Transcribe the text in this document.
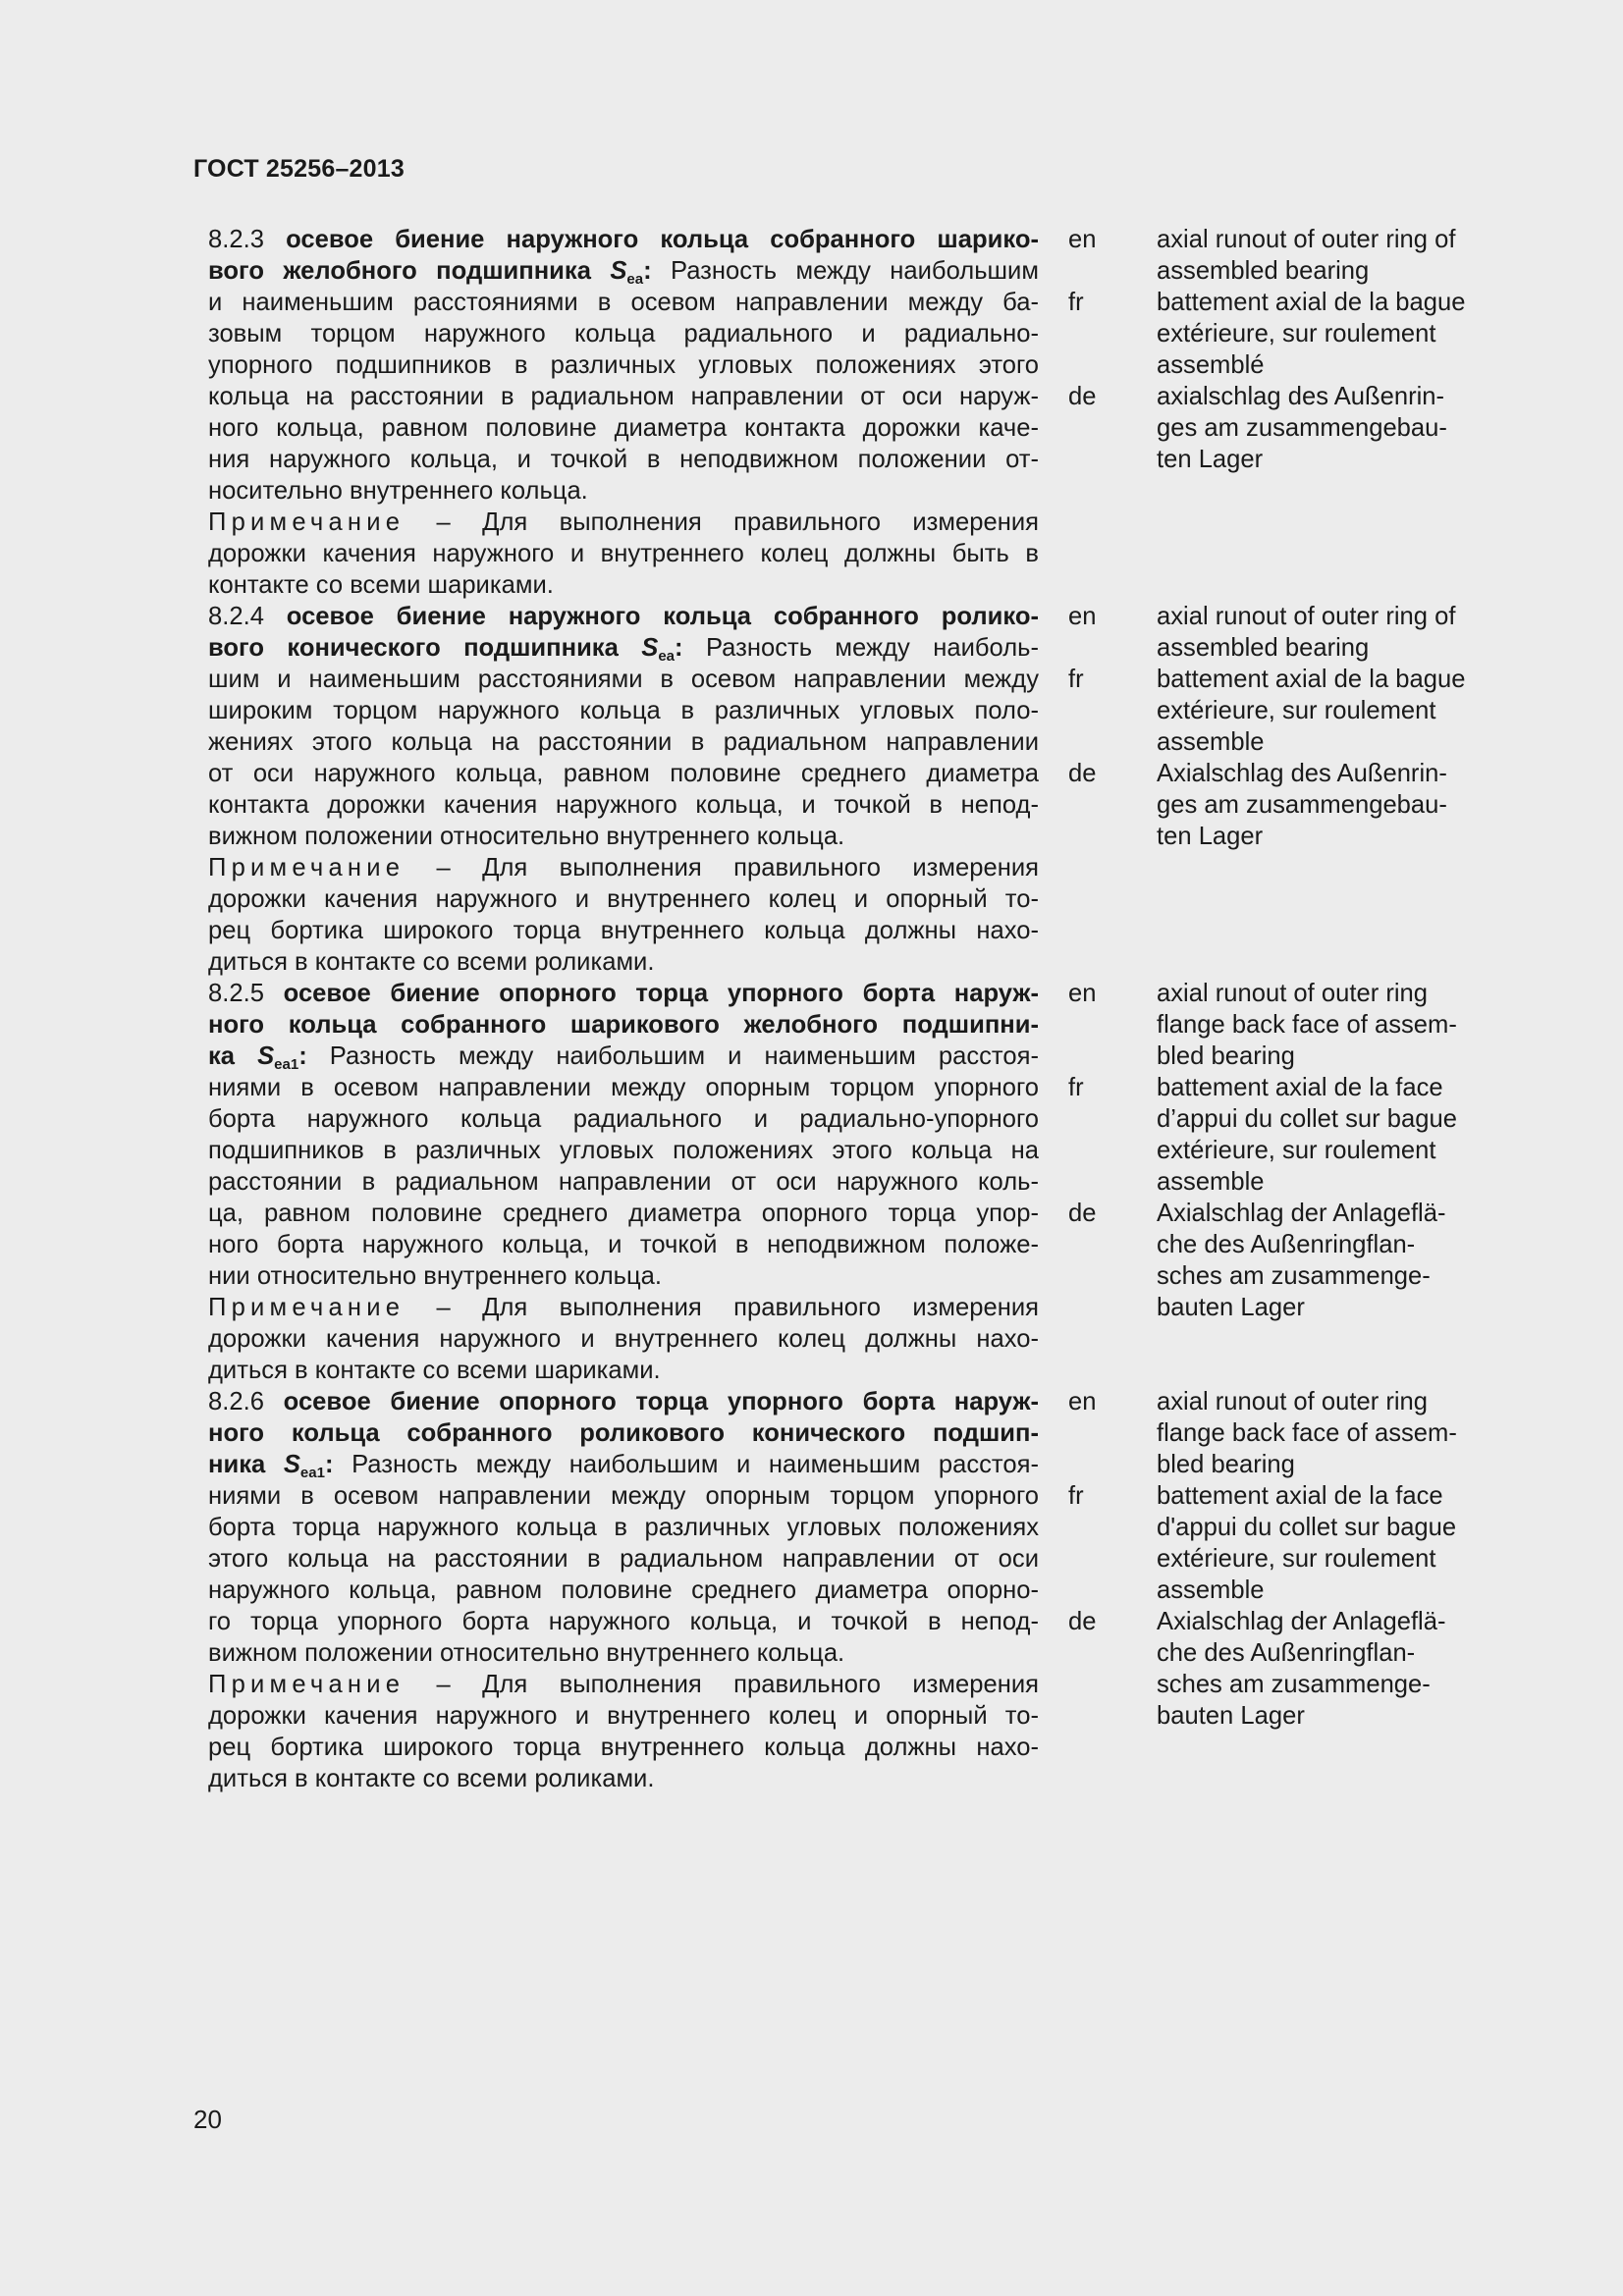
ГОСТ 25256–2013
8.2.3 осевое биение наружного кольца собранного шарико-
вого желобного подшипника Sea: Разность между наибольшим
и наименьшим расстояниями в осевом направлении между ба-
зовым торцом наружного кольца радиального и радиально-
упорного подшипников в различных угловых положениях этого
кольца на расстоянии в радиальном направлении от оси наруж-
ного кольца, равном половине диаметра контакта дорожки каче-
ния наружного кольца, и точкой в неподвижном положении от-
носительно внутреннего кольца.
Примечание – Для выполнения правильного измерения
дорожки качения наружного и внутреннего колец должны быть в
контакте со всеми шариками.
en	axial runout of outer ring of
assembled bearing
fr	battement axial de la bague
extérieure, sur roulement
assemblé
de	axialschlag des Außenrin-
ges am zusammengebau-
ten Lager
8.2.4 осевое биение наружного кольца собранного ролико-
вого конического подшипника Sea: Разность между наиболь-
шим и наименьшим расстояниями в осевом направлении между
широким торцом наружного кольца в различных угловых поло-
жениях этого кольца на расстоянии в радиальном направлении
от оси наружного кольца, равном половине среднего диаметра
контакта дорожки качения наружного кольца, и точкой в непод-
вижном положении относительно внутреннего кольца.
Примечание – Для выполнения правильного измерения
дорожки качения наружного и внутреннего колец и опорный то-
рец бортика широкого торца внутреннего кольца должны нахо-
диться в контакте со всеми роликами.
en	axial runout of outer ring of
assembled bearing
fr	battement axial de la bague
extérieure, sur roulement
assemble
de	Axialschlag des Außenrin-
ges am zusammengebau-
ten Lager
8.2.5 осевое биение опорного торца упорного борта наруж-
ного кольца собранного шарикового желобного подшипни-
ка Sea1: Разность между наибольшим и наименьшим расстоя-
ниями в осевом направлении между опорным торцом упорного
борта наружного кольца радиального и радиально-упорного
подшипников в различных угловых положениях этого кольца на
расстоянии в радиальном направлении от оси наружного коль-
ца, равном половине среднего диаметра опорного торца упор-
ного борта наружного кольца, и точкой в неподвижном положе-
нии относительно внутреннего кольца.
Примечание – Для выполнения правильного измерения
дорожки качения наружного и внутреннего колец должны нахо-
диться в контакте со всеми шариками.
en	axial runout of outer ring
flange back face of assem-
bled bearing
fr	battement axial de la face
d’appui du collet sur bague
extérieure, sur roulement
assemble
de	Axialschlag der Anlageflä-
che des Außenringflan-
sches am zusammenge-
bauten Lager
8.2.6 осевое биение опорного торца упорного борта наруж-
ного кольца собранного роликового конического подшип-
ника Sea1: Разность между наибольшим и наименьшим расстоя-
ниями в осевом направлении между опорным торцом упорного
борта торца наружного кольца в различных угловых положениях
этого кольца на расстоянии в радиальном направлении от оси
наружного кольца, равном половине среднего диаметра опорно-
го торца упорного борта наружного кольца, и точкой в непод-
вижном положении относительно внутреннего кольца.
Примечание – Для выполнения правильного измерения
дорожки качения наружного и внутреннего колец и опорный то-
рец бортика широкого торца внутреннего кольца должны нахо-
диться в контакте со всеми роликами.
en	axial runout of outer ring
flange back face of assem-
bled bearing
fr	battement axial de la face
d'appui du collet sur bague
extérieure, sur roulement
assemble
de	Axialschlag der Anlageflä-
che des Außenringflan-
sches am zusammenge-
bauten Lager
20
